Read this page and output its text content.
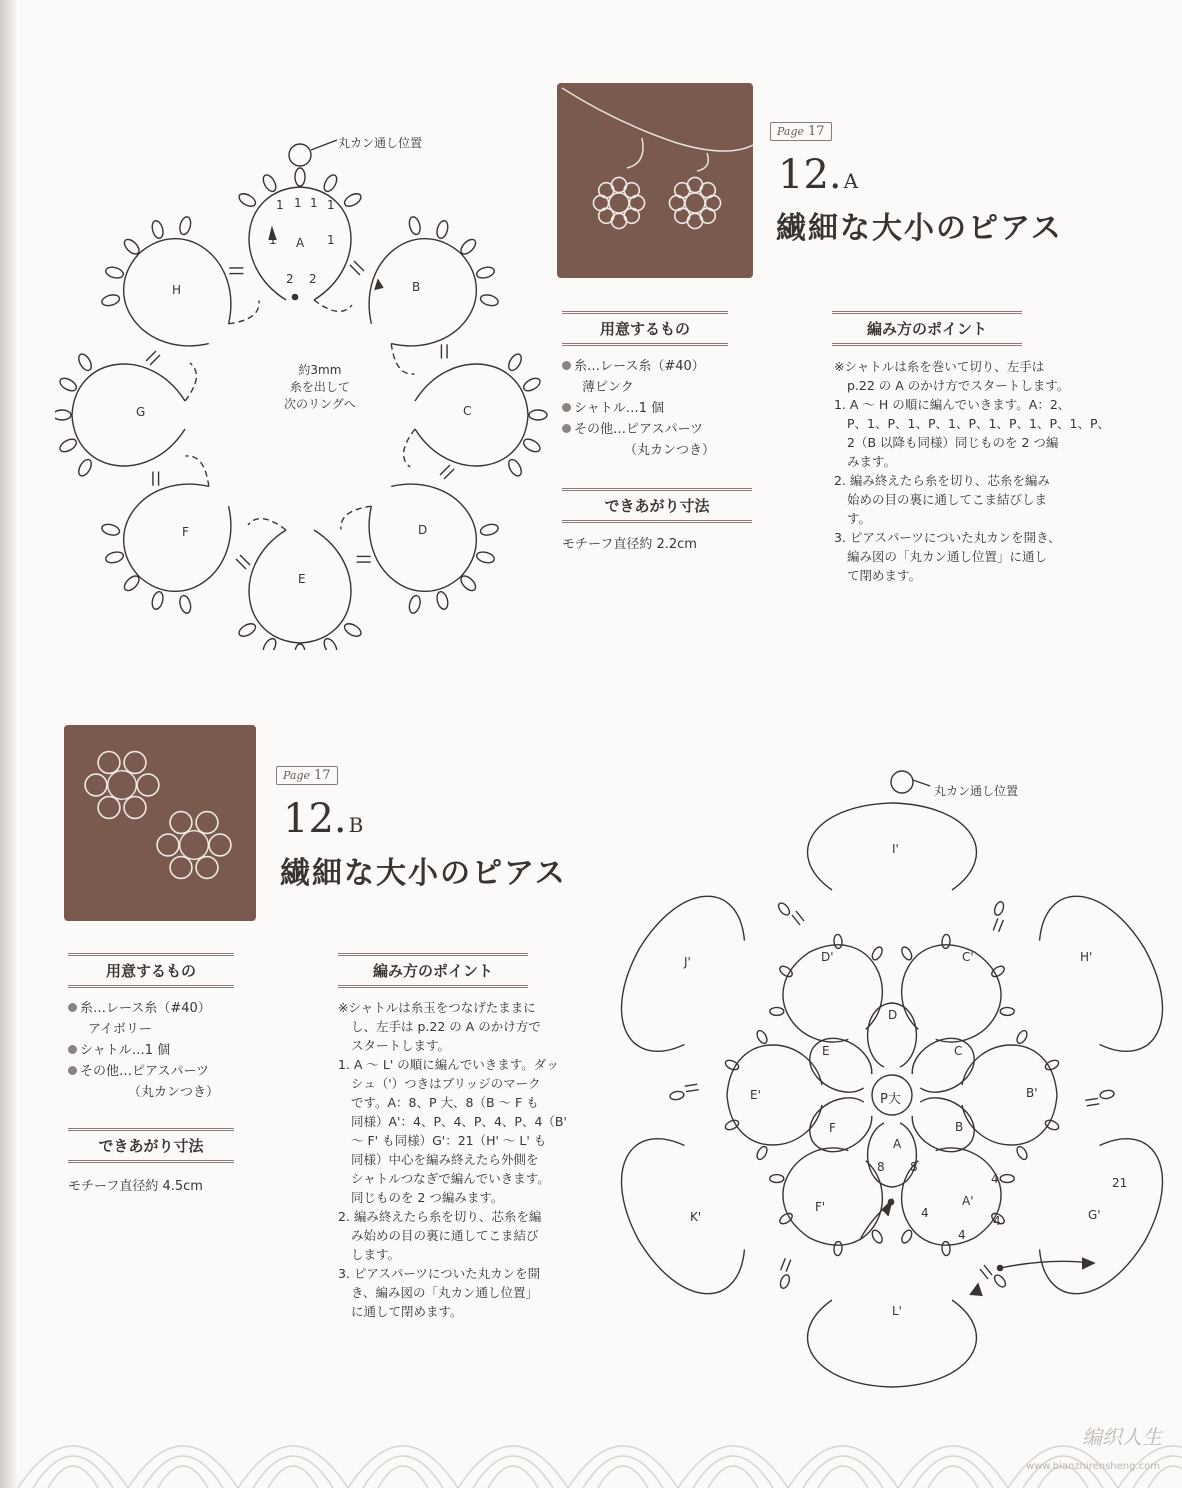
丸カン通し位置
約3mm
糸を出して
次のリングへ
A
B
C
D
E
F
G
H
1 1 1 1
1	1
2 2
Page 17
12. A
繊細な大小のピアス
用意するもの
糸…レース糸（#40）
薄ピンク
シャトル…1 個
その他…ピアスパーツ
（丸カンつき）
できあがり寸法
モチーフ直径約 2.2cm
編み方のポイント

※シャトルは糸を巻いて切り、左手は

p.22 の A のかけ方でスタートします。

1. A ～ H の順に編んでいきます。A：2、

P、1、P、1、P、1、P、1、P、1、P、1、P、

2（B 以降も同様）同じものを 2 つ編

みます。

2. 編み終えたら糸を切り、芯糸を編み

始めの目の裏に通してこま結びしま

す。

3. ピアスパーツについた丸カンを開き、

編み図の「丸カン通し位置」に通し

て閉めます。

Page 17
12. B
繊細な大小のピアス
用意するもの
糸…レース糸（#40）
アイボリー
シャトル…1 個
その他…ピアスパーツ
（丸カンつき）
できあがり寸法
モチーフ直径約 4.5cm
編み方のポイント

※シャトルは糸玉をつなげたままに

し、左手は p.22 の A のかけ方で

スタートします。

1. A ～ L' の順に編んでいきます。ダッ

シュ（'）つきはブリッジのマーク

です。A：8、P 大、8（B ～ F も

同様）A'：4、P、4、P、4、P、4（B'

～ F' も同様）G'：21（H' ～ L' も

同様）中心を編み終えたら外側を

シャトルつなぎで編んでいきます。

同じものを 2 つ編みます。

2. 編み終えたら糸を切り、芯糸を編

み始めの目の裏に通してこま結び

します。

3. ピアスパーツについた丸カンを開

き、編み図の「丸カン通し位置」

に通して閉めます。

丸カン通し位置
P大
A
B
C
D
E
F
8 8
A'
B'
C'
D'
E'
F'	4
4
4
4
G'
21
H'
I'
J'
K'
L'
编织人生
www.bianzhirensheng.com
